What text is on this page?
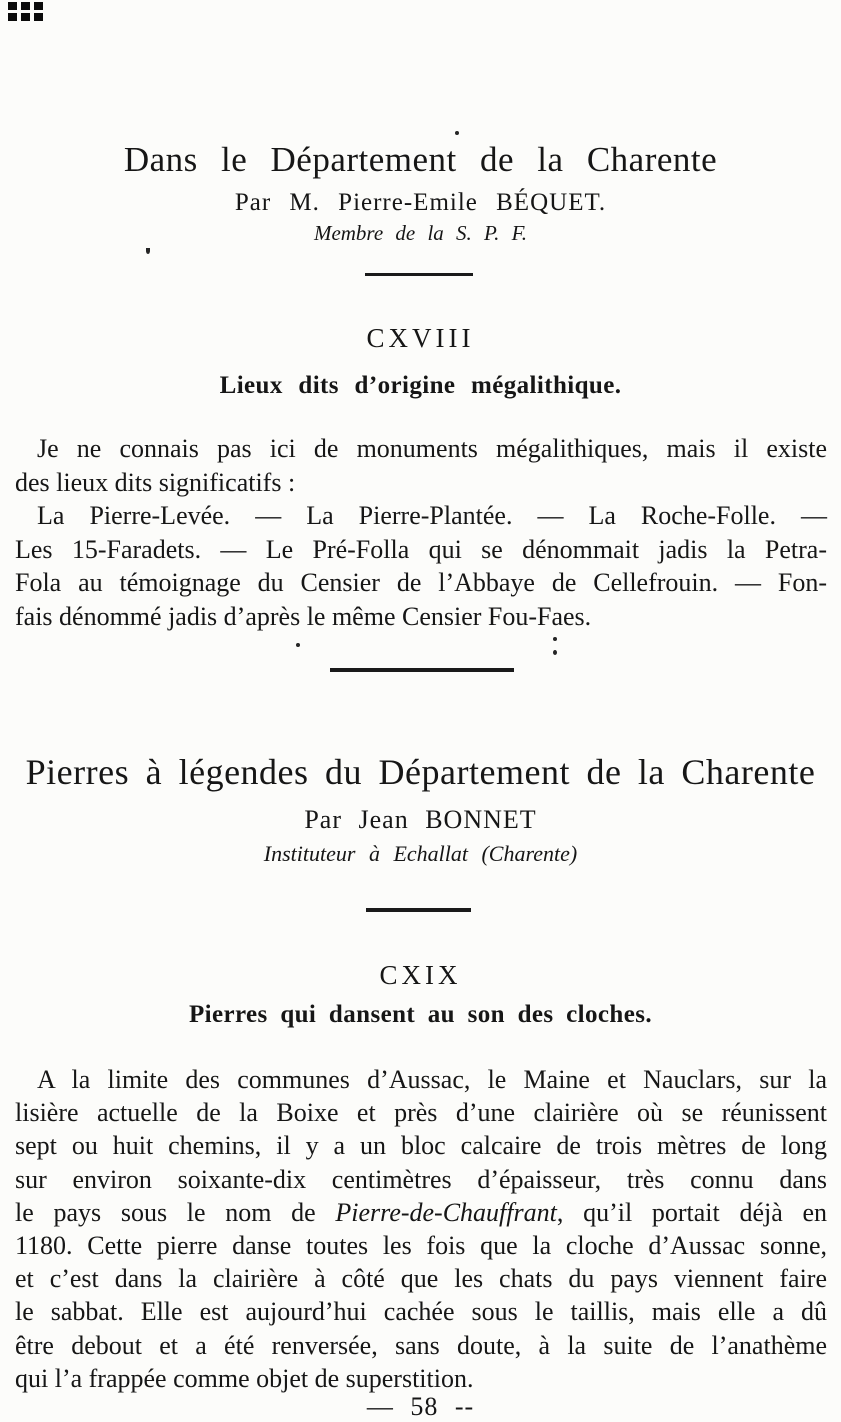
Dans le Département de la Charente
Par M. Pierre-Emile BÉQUET.
Membre de la S. P. F.
CXVIII
Lieux dits d’origine mégalithique.
Je ne connais pas ici de monuments mégalithiques, mais il existe
des lieux dits significatifs :
La Pierre-Levée. — La Pierre-Plantée. — La Roche-Folle. —
Les 15-Faradets. — Le Pré-Folla qui se dénommait jadis la Petra-
Fola au témoignage du Censier de l’Abbaye de Cellefrouin. — Fon-
fais dénommé jadis d’après le même Censier Fou-Faes.
Pierres à légendes du Département de la Charente
Par Jean BONNET
Instituteur à Echallat (Charente)
CXIX
Pierres qui dansent au son des cloches.
A la limite des communes d’Aussac, le Maine et Nauclars, sur la
lisière actuelle de la Boixe et près d’une clairière où se réunissent
sept ou huit chemins, il y a un bloc calcaire de trois mètres de long
sur environ soixante-dix centimètres d’épaisseur, très connu dans
le pays sous le nom de Pierre-de-Chauffrant, qu’il portait déjà en
1180. Cette pierre danse toutes les fois que la cloche d’Aussac sonne,
et c’est dans la clairière à côté que les chats du pays viennent faire
le sabbat. Elle est aujourd’hui cachée sous le taillis, mais elle a dû
être debout et a été renversée, sans doute, à la suite de l’anathème
qui l’a frappée comme objet de superstition.
— 58 --
